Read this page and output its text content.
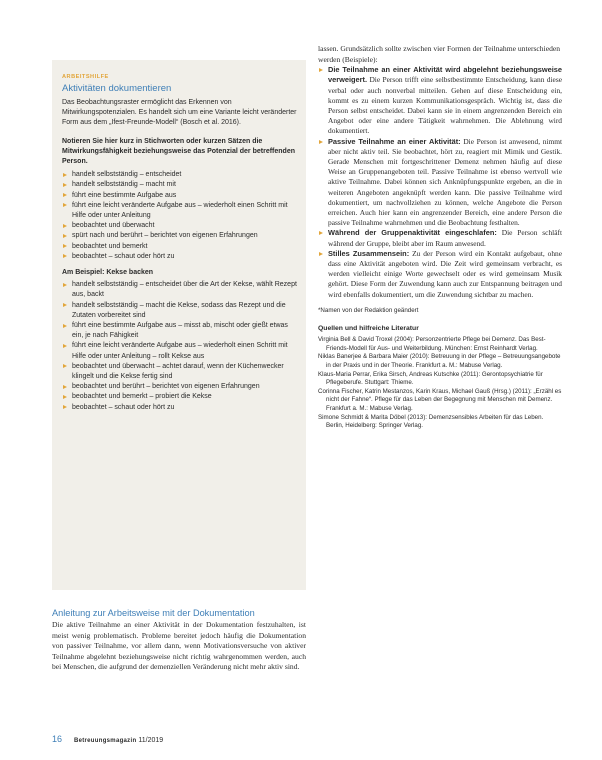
ARBEITSHILFE
Aktivitäten dokumentieren
Das Beobachtungsraster ermöglicht das Erkennen von Mitwirkungspotenzialen. Es handelt sich um eine Variante leicht veränderter Form aus dem „Ifest-Freunde-Modell“ (Bosch et al. 2016).
Notieren Sie hier kurz in Stichworten oder kurzen Sätzen die Mitwirkungsfähigkeit beziehungsweise das Potenzial der betreffenden Person.
handelt selbstständig – entscheidet
handelt selbstständig – macht mit
führt eine bestimmte Aufgabe aus
führt eine leicht veränderte Aufgabe aus – wiederholt einen Schritt mit Hilfe oder unter Anleitung
beobachtet und überwacht
spürt nach und berührt – berichtet von eigenen Erfahrungen
beobachtet und bemerkt
beobachtet – schaut oder hört zu
Am Beispiel: Kekse backen
handelt selbstständig – entscheidet über die Art der Kekse, wählt Rezept aus, backt
handelt selbstständig – macht die Kekse, sodass das Rezept und die Zutaten vorbereitet sind
führt eine bestimmte Aufgabe aus – misst ab, mischt oder gießt etwas ein, je nach Fähigkeit
führt eine leicht veränderte Aufgabe aus – wiederholt einen Schritt mit Hilfe oder unter Anleitung – rollt Kekse aus
beobachtet und überwacht – achtet darauf, wenn der Küchenwecker klingelt und die Kekse fertig sind
beobachtet und berührt – berichtet von eigenen Erfahrungen
beobachtet und bemerkt – probiert die Kekse
beobachtet – schaut oder hört zu
Anleitung zur Arbeitsweise mit der Dokumentation
Die aktive Teilnahme an einer Aktivität in der Dokumentation festzuhalten, ist meist wenig problematisch. Probleme bereitet jedoch häufig die Dokumentation von passiver Teilnahme, vor allem dann, wenn Motivationsversuche von aktiver Teilnahme abgelehnt beziehungsweise nicht richtig wahrgenommen werden, auch bei Menschen, die aufgrund der demenziellen Veränderung nicht mehr aktiv sind.
lassen. Grundsätzlich sollte zwischen vier Formen der Teilnahme unterschieden werden (Beispiele):
Die Teilnahme an einer Aktivität wird abgelehnt beziehungsweise verweigert. Die Person trifft eine selbstbestimmte Entscheidung, kann diese verbal oder auch nonverbal mitteilen. Gehen auf diese Entscheidung ein, kommt es zu einem kurzen Kommunikationsgespräch. Wichtig ist, dass die Person selbst entscheidet. Dabei kann sie in einem angrenzenden Bereich ein Angebot oder eine andere Tätigkeit wahrnehmen. Die Ablehnung wird dokumentiert.
Passive Teilnahme an einer Aktivität: Die Person ist anwesend, nimmt aber nicht aktiv teil. Sie beobachtet, hört zu, reagiert mit Mimik und Gestik. Gerade Menschen mit fortgeschrittener Demenz nehmen häufig auf diese Weise an Gruppenangeboten teil. Passive Teilnahme ist ebenso wertvoll wie aktive Teilnahme. Dabei können sich Anknüpfungspunkte ergeben, an die in weiteren Angeboten angeknüpft werden kann. Die passive Teilnahme wird dokumentiert, um nachvollziehen zu können, welche Angebote die Person erreichen. Auch hier kann ein angrenzender Bereich, eine andere Person die passive Teilnahme wahrnehmen und die Beobachtung festhalten.
Während der Gruppenaktivität eingeschlafen: Die Person schläft während der Gruppe, bleibt aber im Raum anwesend.
Stilles Zusammensein: Zu der Person wird ein Kontakt aufgebaut, ohne dass eine Aktivität angeboten wird. Die Zeit wird gemeinsam verbracht, es werden vielleicht einige Worte gewechselt oder es wird gemeinsam Musik gehört. Diese Form der Zuwendung kann auch zur Entspannung beitragen und wird ebenfalls dokumentiert, um die Zuwendung sichtbar zu machen.
*Namen von der Redaktion geändert
Quellen und hilfreiche Literatur
Virginia Bell & David Troxel (2004): Personzentrierte Pflege bei Demenz. Das Best-Friends-Modell für Aus- und Weiterbildung. München: Ernst Reinhardt Verlag.
Niklas Banerjee & Barbara Maier (2010): Betreuung in der Pflege – Betreuungsangebote in der Praxis und in der Theorie. Frankfurt a. M.: Mabuse Verlag.
Klaus-Maria Perrar, Erika Sirsch, Andreas Kutschke (2011): Gerontopsychiatrie für Pflegeberufe. Stuttgart: Thieme.
Corinna Fischer, Katrin Mestanzos, Karin Kraus, Michael Gauß (Hrsg.) (2011): „Erzähl es nicht der Fahne“. Pflege für das Leben der Begegnung mit Menschen mit Demenz. Frankfurt a. M.: Mabuse Verlag.
Simone Schmidt & Marita Döbel (2013): Demenzsensibles Arbeiten für das Leben. Berlin, Heidelberg: Springer Verlag.
16 Betreuungsmagazin 11/2019
